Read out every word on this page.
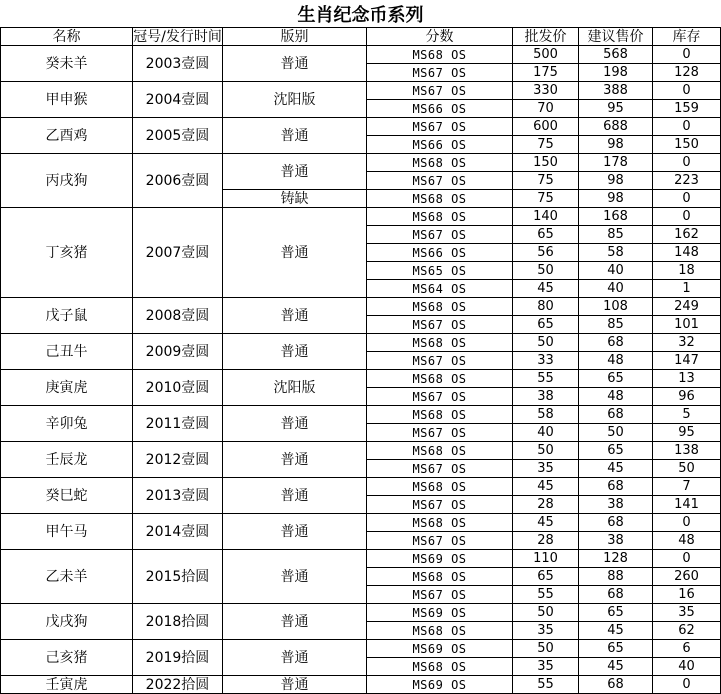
生肖纪念币系列
名称	冠号/发行时间	版别	分数	批发价	建议售价	库存
癸未羊	2003壹圆	普通	MS68 OS	500	568	0
			MS67 OS	175	198	128
甲申猴	2004壹圆	沈阳版	MS67 OS	330	388	0
			MS66 OS	70	95	159
乙酉鸡	2005壹圆	普通	MS67 OS	600	688	0
			MS66 OS	75	98	150
丙戌狗	2006壹圆	普通	MS68 OS	150	178	0
			MS67 OS	75	98	223
		铸缺	MS68 OS	75	98	0
丁亥猪	2007壹圆	普通	MS68 OS	140	168	0
			MS67 OS	65	85	162
			MS66 OS	56	58	148
			MS65 OS	50	40	18
			MS64 OS	45	40	1
戊子鼠	2008壹圆	普通	MS68 OS	80	108	249
			MS67 OS	65	85	101
己丑牛	2009壹圆	普通	MS68 OS	50	68	32
			MS67 OS	33	48	147
庚寅虎	2010壹圆	沈阳版	MS68 OS	55	65	13
			MS67 OS	38	48	96
辛卯兔	2011壹圆	普通	MS68 OS	58	68	5
			MS67 OS	40	50	95
壬辰龙	2012壹圆	普通	MS68 OS	50	65	138
			MS67 OS	35	45	50
癸巳蛇	2013壹圆	普通	MS68 OS	45	68	7
			MS67 OS	28	38	141
甲午马	2014壹圆	普通	MS68 OS	45	68	0
			MS67 OS	28	38	48
乙未羊	2015拾圆	普通	MS69 OS	110	128	0
			MS68 OS	65	88	260
			MS67 OS	55	68	16
戊戌狗	2018拾圆	普通	MS69 OS	50	65	35
			MS68 OS	35	45	62
己亥猪	2019拾圆	普通	MS69 OS	50	65	6
			MS68 OS	35	45	40
壬寅虎	2022拾圆	普通	MS69 OS	55	68	0
